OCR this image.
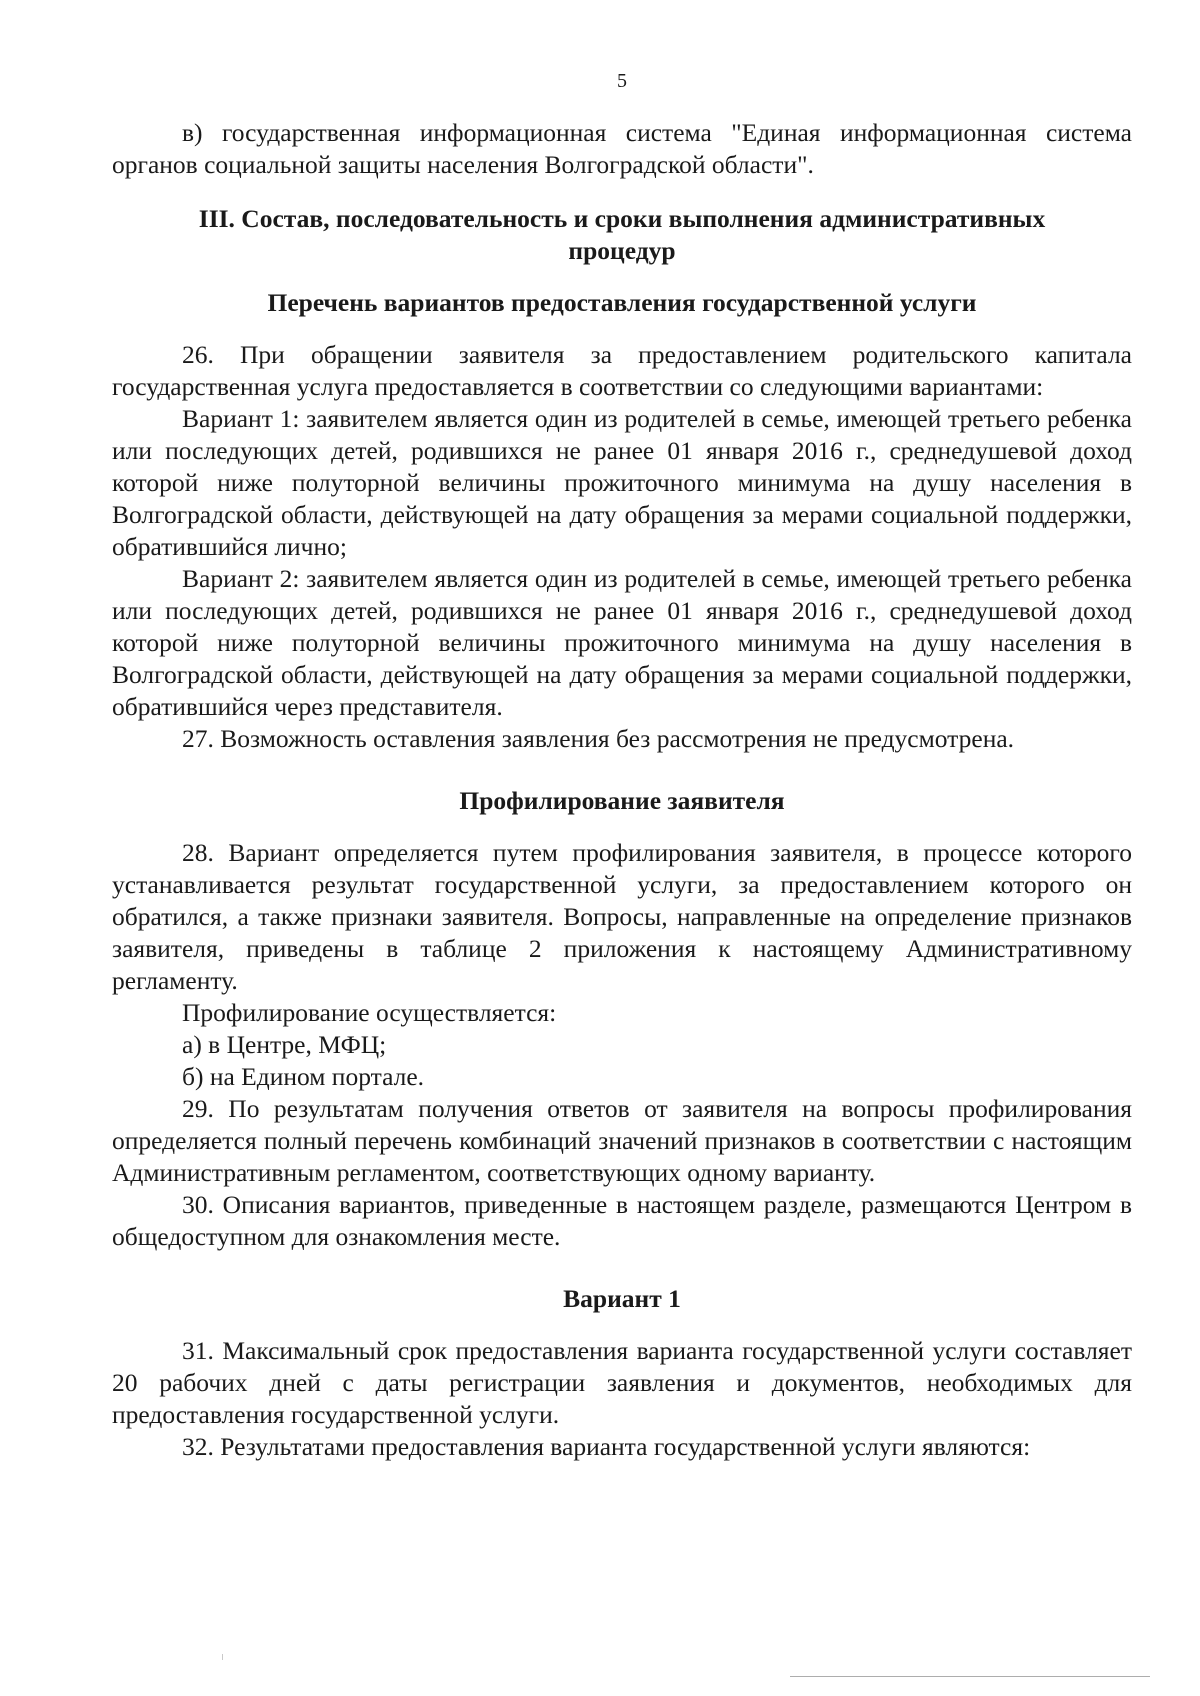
5

в) государственная информационная система "Единая информационная система органов социальной защиты населения Волгоградской области".

III. Состав, последовательность и сроки выполнения административных процедур
Перечень вариантов предоставления государственной услуги

26. При обращении заявителя за предоставлением родительского капитала государственная услуга предоставляется в соответствии со следующими вариантами:

Вариант 1: заявителем является один из родителей в семье, имеющей третьего ребенка или последующих детей, родившихся не ранее 01 января 2016 г., среднедушевой доход которой ниже полуторной величины прожиточного минимума на душу населения в Волгоградской области, действующей на дату обращения за мерами социальной поддержки, обратившийся лично;

Вариант 2: заявителем является один из родителей в семье, имеющей третьего ребенка или последующих детей, родившихся не ранее 01 января 2016 г., среднедушевой доход которой ниже полуторной величины прожиточного минимума на душу населения в Волгоградской области, действующей на дату обращения за мерами социальной поддержки, обратившийся через представителя.

27. Возможность оставления заявления без рассмотрения не предусмотрена.

Профилирование заявителя

28. Вариант определяется путем профилирования заявителя, в процессе которого устанавливается результат государственной услуги, за предоставлением которого он обратился, а также признаки заявителя. Вопросы, направленные на определение признаков заявителя, приведены в таблице 2 приложения к настоящему Административному регламенту.

Профилирование осуществляется:

а) в Центре, МФЦ;

б) на Едином портале.

29. По результатам получения ответов от заявителя на вопросы профилирования определяется полный перечень комбинаций значений признаков в соответствии с настоящим Административным регламентом, соответствующих одному варианту.

30. Описания вариантов, приведенные в настоящем разделе, размещаются Центром в общедоступном для ознакомления месте.

Вариант 1

31. Максимальный срок предоставления варианта государственной услуги составляет 20 рабочих дней с даты регистрации заявления и документов, необходимых для предоставления государственной услуги.

32. Результатами предоставления варианта государственной услуги являются:
